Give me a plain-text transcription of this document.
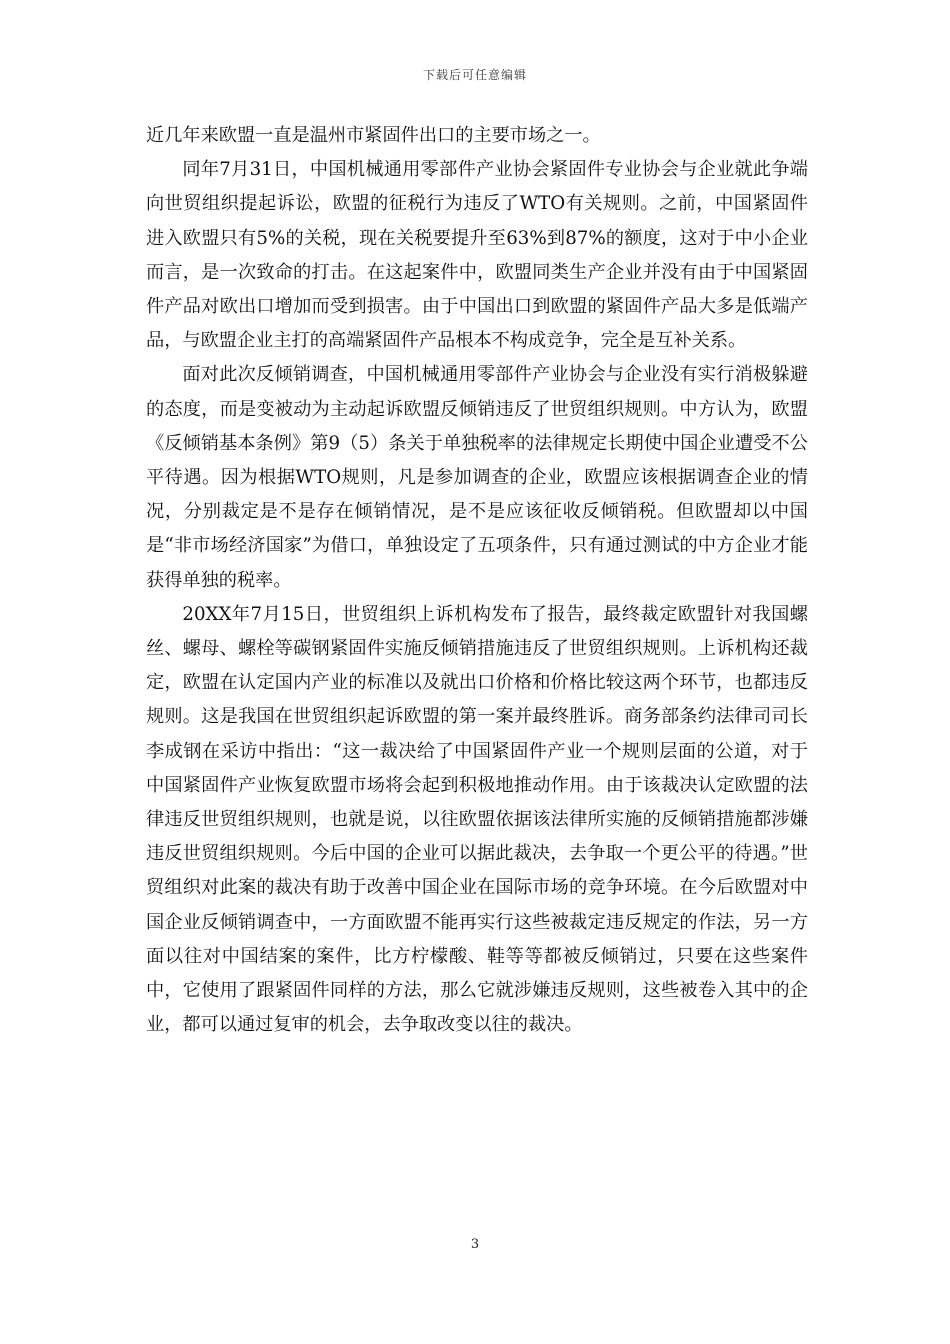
下载后可任意编辑

近几年来欧盟一直是温州市紧固件出口的主要市场之一。

同年7月31日，中国机械通用零部件产业协会紧固件专业协会与企业就此争端向世贸组织提起诉讼，欧盟的征税行为违反了WTO有关规则。之前，中国紧固件进入欧盟只有5%的关税，现在关税要提升至63%到87%的额度，这对于中小企业而言，是一次致命的打击。在这起案件中，欧盟同类生产企业并没有由于中国紧固件产品对欧出口增加而受到损害。由于中国出口到欧盟的紧固件产品大多是低端产品，与欧盟企业主打的高端紧固件产品根本不构成竞争，完全是互补关系。

面对此次反倾销调查，中国机械通用零部件产业协会与企业没有实行消极躲避的态度，而是变被动为主动起诉欧盟反倾销违反了世贸组织规则。中方认为，欧盟《反倾销基本条例》第9（5）条关于单独税率的法律规定长期使中国企业遭受不公平待遇。因为根据WTO规则，凡是参加调查的企业，欧盟应该根据调查企业的情况，分别裁定是不是存在倾销情况，是不是应该征收反倾销税。但欧盟却以中国是“非市场经济国家”为借口，单独设定了五项条件，只有通过测试的中方企业才能获得单独的税率。

20XX年7月15日，世贸组织上诉机构发布了报告，最终裁定欧盟针对我国螺丝、螺母、螺栓等碳钢紧固件实施反倾销措施违反了世贸组织规则。上诉机构还裁定，欧盟在认定国内产业的标准以及就出口价格和价格比较这两个环节，也都违反规则。这是我国在世贸组织起诉欧盟的第一案并最终胜诉。商务部条约法律司司长李成钢在采访中指出：“这一裁决给了中国紧固件产业一个规则层面的公道，对于中国紧固件产业恢复欧盟市场将会起到积极地推动作用。由于该裁决认定欧盟的法律违反世贸组织规则，也就是说，以往欧盟依据该法律所实施的反倾销措施都涉嫌违反世贸组织规则。今后中国的企业可以据此裁决，去争取一个更公平的待遇。”世贸组织对此案的裁决有助于改善中国企业在国际市场的竞争环境。在今后欧盟对中国企业反倾销调查中，一方面欧盟不能再实行这些被裁定违反规定的作法，另一方面以往对中国结案的案件，比方柠檬酸、鞋等等都被反倾销过，只要在这些案件中，它使用了跟紧固件同样的方法，那么它就涉嫌违反规则，这些被卷入其中的企业，都可以通过复审的机会，去争取改变以往的裁决。

3
